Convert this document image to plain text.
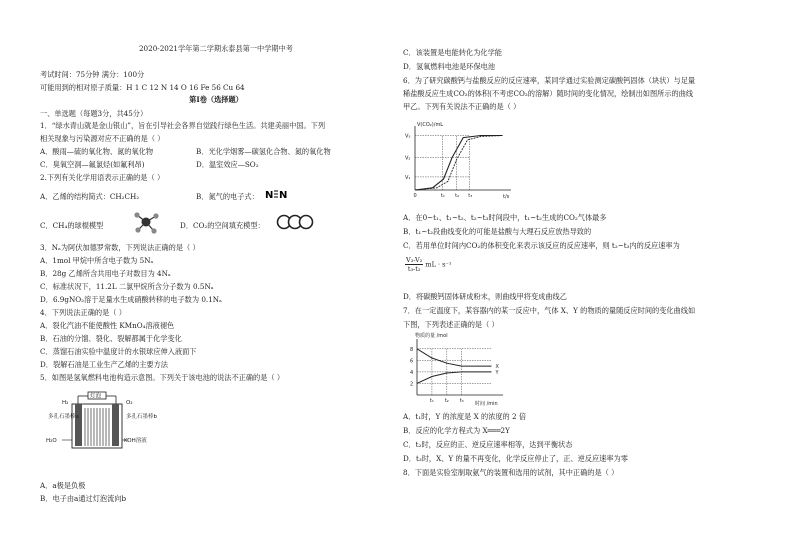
2020-2021学年第二学期永泰县第一中学期中考
考试时间：75分钟 满分：100分
可能用到的相对原子质量：H 1 C 12 N 14 O 16 Fe 56 Cu 64
第Ⅰ卷（选择题）
一、单选题（每题3分，共45分）
1．“绿水青山就是金山银山”，旨在引导社会各界自觉践行绿色生活。共建美丽中国。下列
相关现象与污染源对应不正确的是（ ）
A．酸雨—硫的氧化物、氮的氧化物	B．光化学烟雾—碳氢化合物、氮的氧化物
C．臭氧空洞—氟氯烃(如氟利昂)	D．温室效应—SO₂
2.下列有关化学用语表示正确的是（ ）
A．乙烯的结构简式：CH₂CH₂	B．氮气的电子式： N N
C．CH₄的球棍模型	D．CO₂的空间填充模型：
3．Nₐ为阿伏加德罗常数，下列说法正确的是（ ）
A．1mol 甲烷中所含电子数为 5Nₐ
B．28g 乙烯所含共用电子对数目为 4Nₐ
C．标准状况下，11.2L 二氯甲烷所含分子数为 0.5Nₐ
D．6.9gNO₂溶于足量水生成硝酸转移的电子数为 0.1Nₐ
4．下列说法正确的是（ ）
A．裂化汽油不能使酸性 KMnO₄溶液褪色
B．石油的分馏、裂化、裂解都属于化学变化
C．蒸馏石油实验中温度计的水银球应伸入液面下
D．裂解石油是工业生产乙烯的主要方法
5．如图是氢氧燃料电池构造示意图。下列关于该电池的说法不正确的是（ ）
灯泡
H₂	O₂
多孔石墨棒a	多孔石墨棒b
H₂O	KOH溶液
A．a极是负极
B．电子由a通过灯泡流向b
C．该装置是电能转化为化学能
D．氢氧燃料电池是环保电池
6．为了研究碳酸钙与盐酸反应的反应速率，某同学通过实验测定碳酸钙固体（块状）与足量
稀盐酸反应生成CO₂的体积(不考虑CO₂的溶解）随时间的变化情况，绘制出如图所示的曲线
甲乙。下列有关说法不正确的是（ ）
V(CO₂)/mL
t/s
0	t₁ t₂ t₃
V₁
V₂
V₃
A．在0~t₁、t₁~t₂、t₂~t₃时间段中，t₁~t₂生成的CO₂气体最多
B．t₁~t₂段曲线变化的可能是盐酸与大理石反应放热导致的
C．若用单位时间内CO₂的体积变化来表示该反应的反应速率，则 t₂~t₃内的反应速率为
$\frac{\text{V₃-V₂}}{\text{t₃-t₂}}$ mL · s⁻¹
D．将碳酸钙固体研成粉末，则曲线甲将变成曲线乙
7．在一定温度下，某容器内的某一反应中，气体 X、Y 的物质的量随反应时间的变化曲线如
下图，下列表述正确的是（ ）
物质的量 /mol
时间 /min
2
4
6
8
t₁ t₂ t₃
X
Y
A．t₁时，Y 的浓度是 X 的浓度的 2 倍
B．反应的化学方程式为 X═══2Y
C．t₂时，反应的正、逆反应速率相等，达到平衡状态
D．t₃时，X、Y 的量不再变化，化学反应停止了，正、逆反应速率为零
8．下面是实验室制取氨气的装置和选用的试剂，其中正确的是（ ）
